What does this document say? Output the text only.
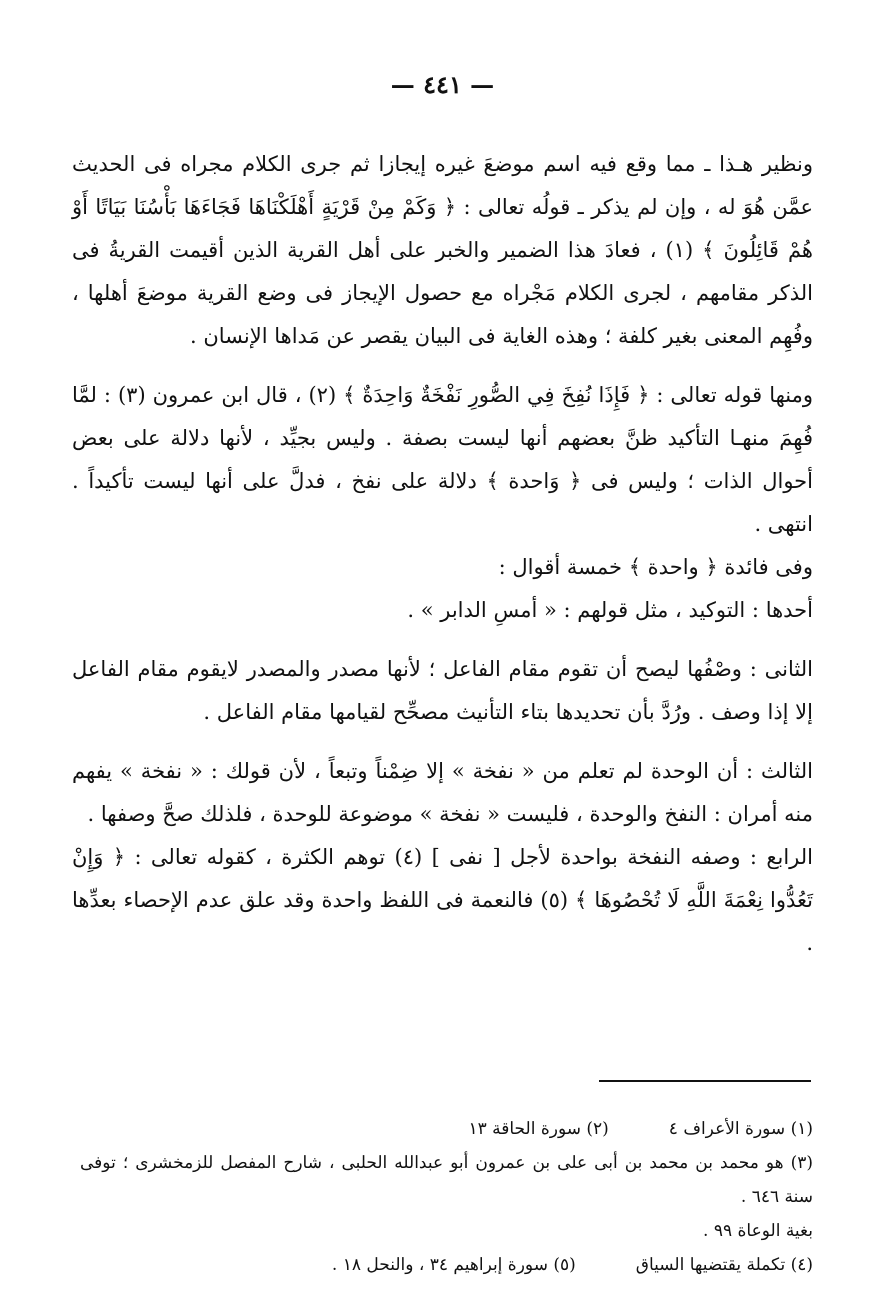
— ٤٤١ —

ونظير هـذا ـ مما وقع فيه اسم موضعَ غيره إيجازا ثم جرى الكلام مجراه فى الحديث عمَّن هُوَ له ، وإن لم يذكر ـ قولُه تعالى : ﴿ وَكَمْ مِنْ قَرْيَةٍ أَهْلَكْنَاهَا فَجَاءَهَا بَأْسُنَا بَيَاتًا أَوْ هُمْ قَائِلُونَ ﴾ (١) ، فعادَ هذا الضمير والخبر على أهل القرية الذين أقيمت القريةُ فى الذكر مقامهم ، لجرى الكلام مَجْراه مع حصول الإيجاز فى وضع القرية موضعَ أهلها ، وفُهِم المعنى بغير كلفة ؛ وهذه الغاية فى البيان يقصر عن مَداها الإنسان .

ومنها قوله تعالى : ﴿ فَإِذَا نُفِخَ فِي الصُّورِ نَفْخَةٌ وَاحِدَةٌ ﴾ (٢) ، قال ابن عمرون (٣) : لمَّا فُهِمَ منهـا التأكيد ظنَّ بعضهم أنها ليست بصفة . وليس بجيِّد ، لأنها دلالة على بعض أحوال الذات ؛ وليس فى ﴿ وَاحدة ﴾ دلالة على نفخ ، فدلَّ على أنها ليست تأكيداً . انتهى .

وفى فائدة ﴿ واحدة ﴾ خمسة أقوال :

أحدها : التوكيد ، مثل قولهم : « أمسِ الدابر » .

الثانى : وصْفُها ليصح أن تقوم مقام الفاعل ؛ لأنها مصدر والمصدر لايقوم مقام الفاعل إلا إذا وصف . ورُدَّ بأن تحديدها بتاء التأنيث مصحِّح لقيامها مقام الفاعل .

الثالث : أن الوحدة لم تعلم من « نفخة » إلا ضِمْناً وتبعاً ، لأن قولك : « نفخة » يفهم منه أمران : النفخ والوحدة ، فليست « نفخة » موضوعة للوحدة ، فلذلك صحَّ وصفها .

الرابع : وصفه النفخة بواحدة لأجل [ نفى ] (٤) توهم الكثرة ، كقوله تعالى : ﴿ وَإِنْ تَعُدُّوا نِعْمَةَ اللَّهِ لَا تُحْصُوهَا ﴾ (٥) فالنعمة فى اللفظ واحدة وقد علق عدم الإحصاء بعدِّها .

(١) سورة الأعراف ٤
(٢) سورة الحاقة ١٣

(٣) هو محمد بن محمد بن أبى على بن عمرون أبو عبدالله الحلبى ، شارح المفصل للزمخشرى ؛ توفى سنة ٦٤٦ .

بغية الوعاة ٩٩ .

(٤) تكملة يقتضيها السياق
(٥) سورة إبراهيم ٣٤ ، والنحل ١٨ .
